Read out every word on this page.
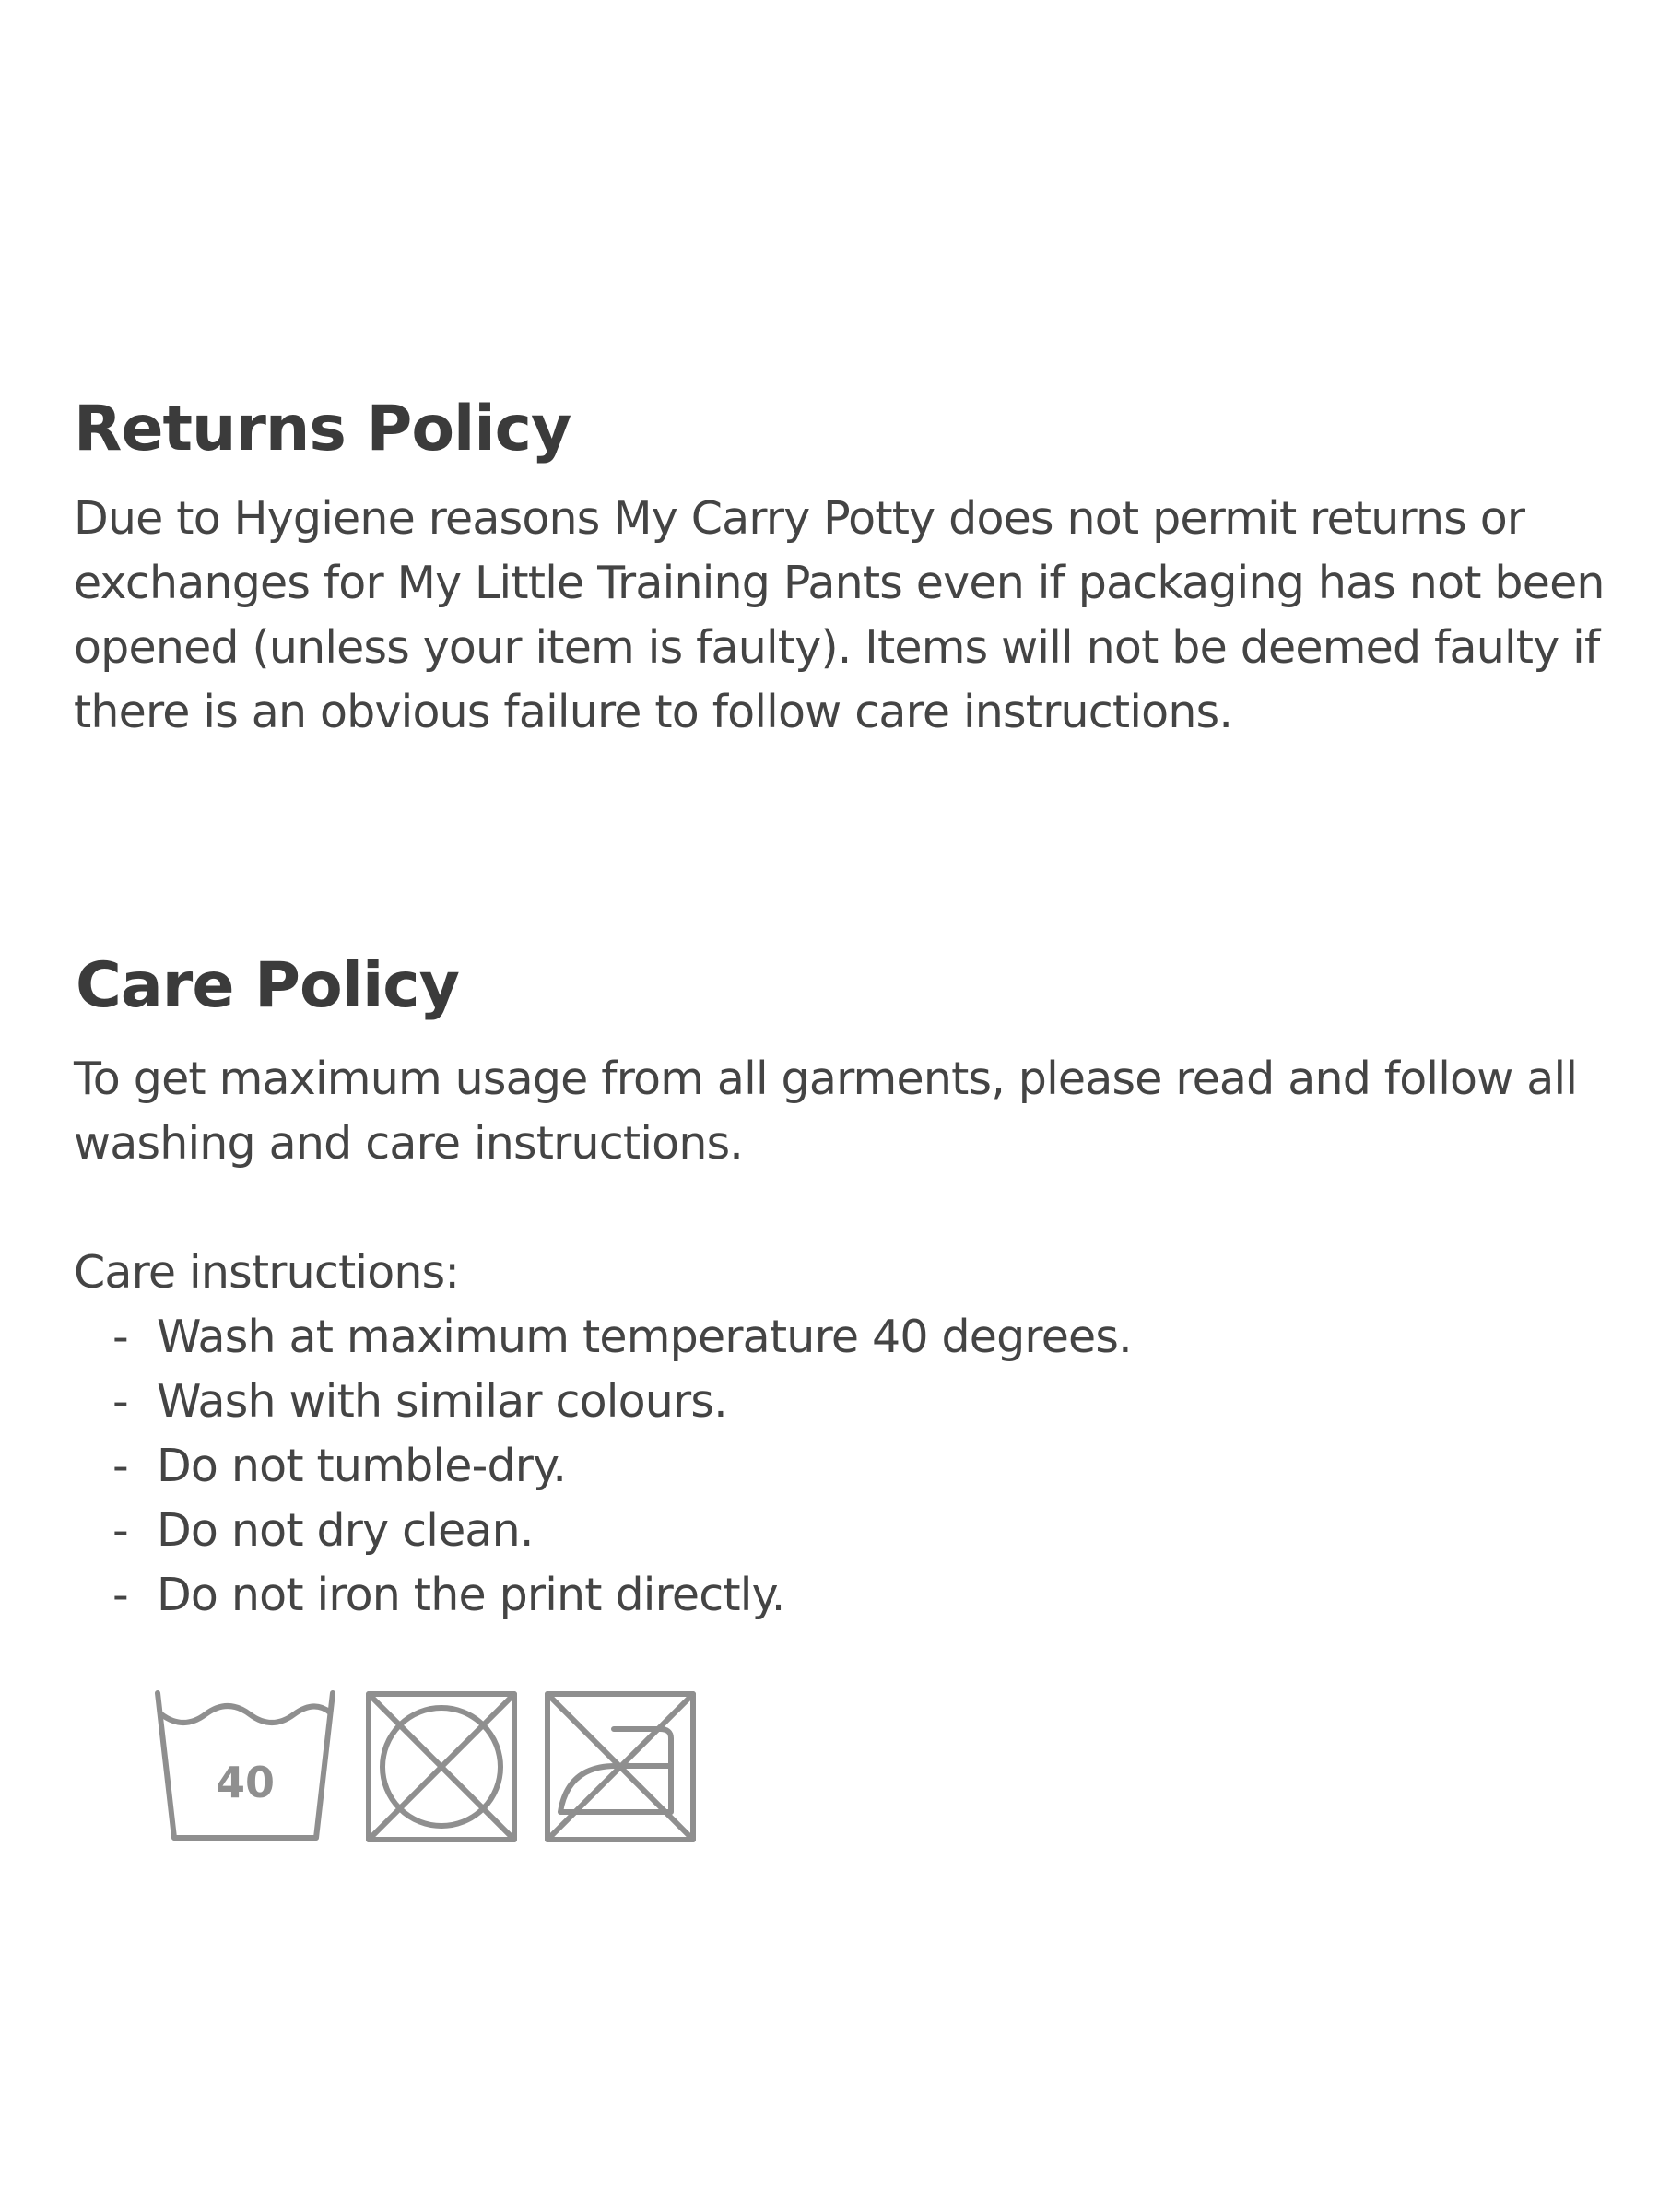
Returns Policy

Due to Hygiene reasons My Carry Potty does not permit returns or exchanges for My Little Training Pants even if packaging has not been opened (unless your item is faulty). Items will not be deemed faulty if there is an obvious failure to follow care instructions.

Care Policy

To get maximum usage from all garments, please read and follow all washing and care instructions.

Care instructions:

- Wash at maximum temperature 40 degrees.
- Wash with similar colours.
- Do not tumble-dry.
- Do not dry clean.
- Do not iron the print directly.
40
